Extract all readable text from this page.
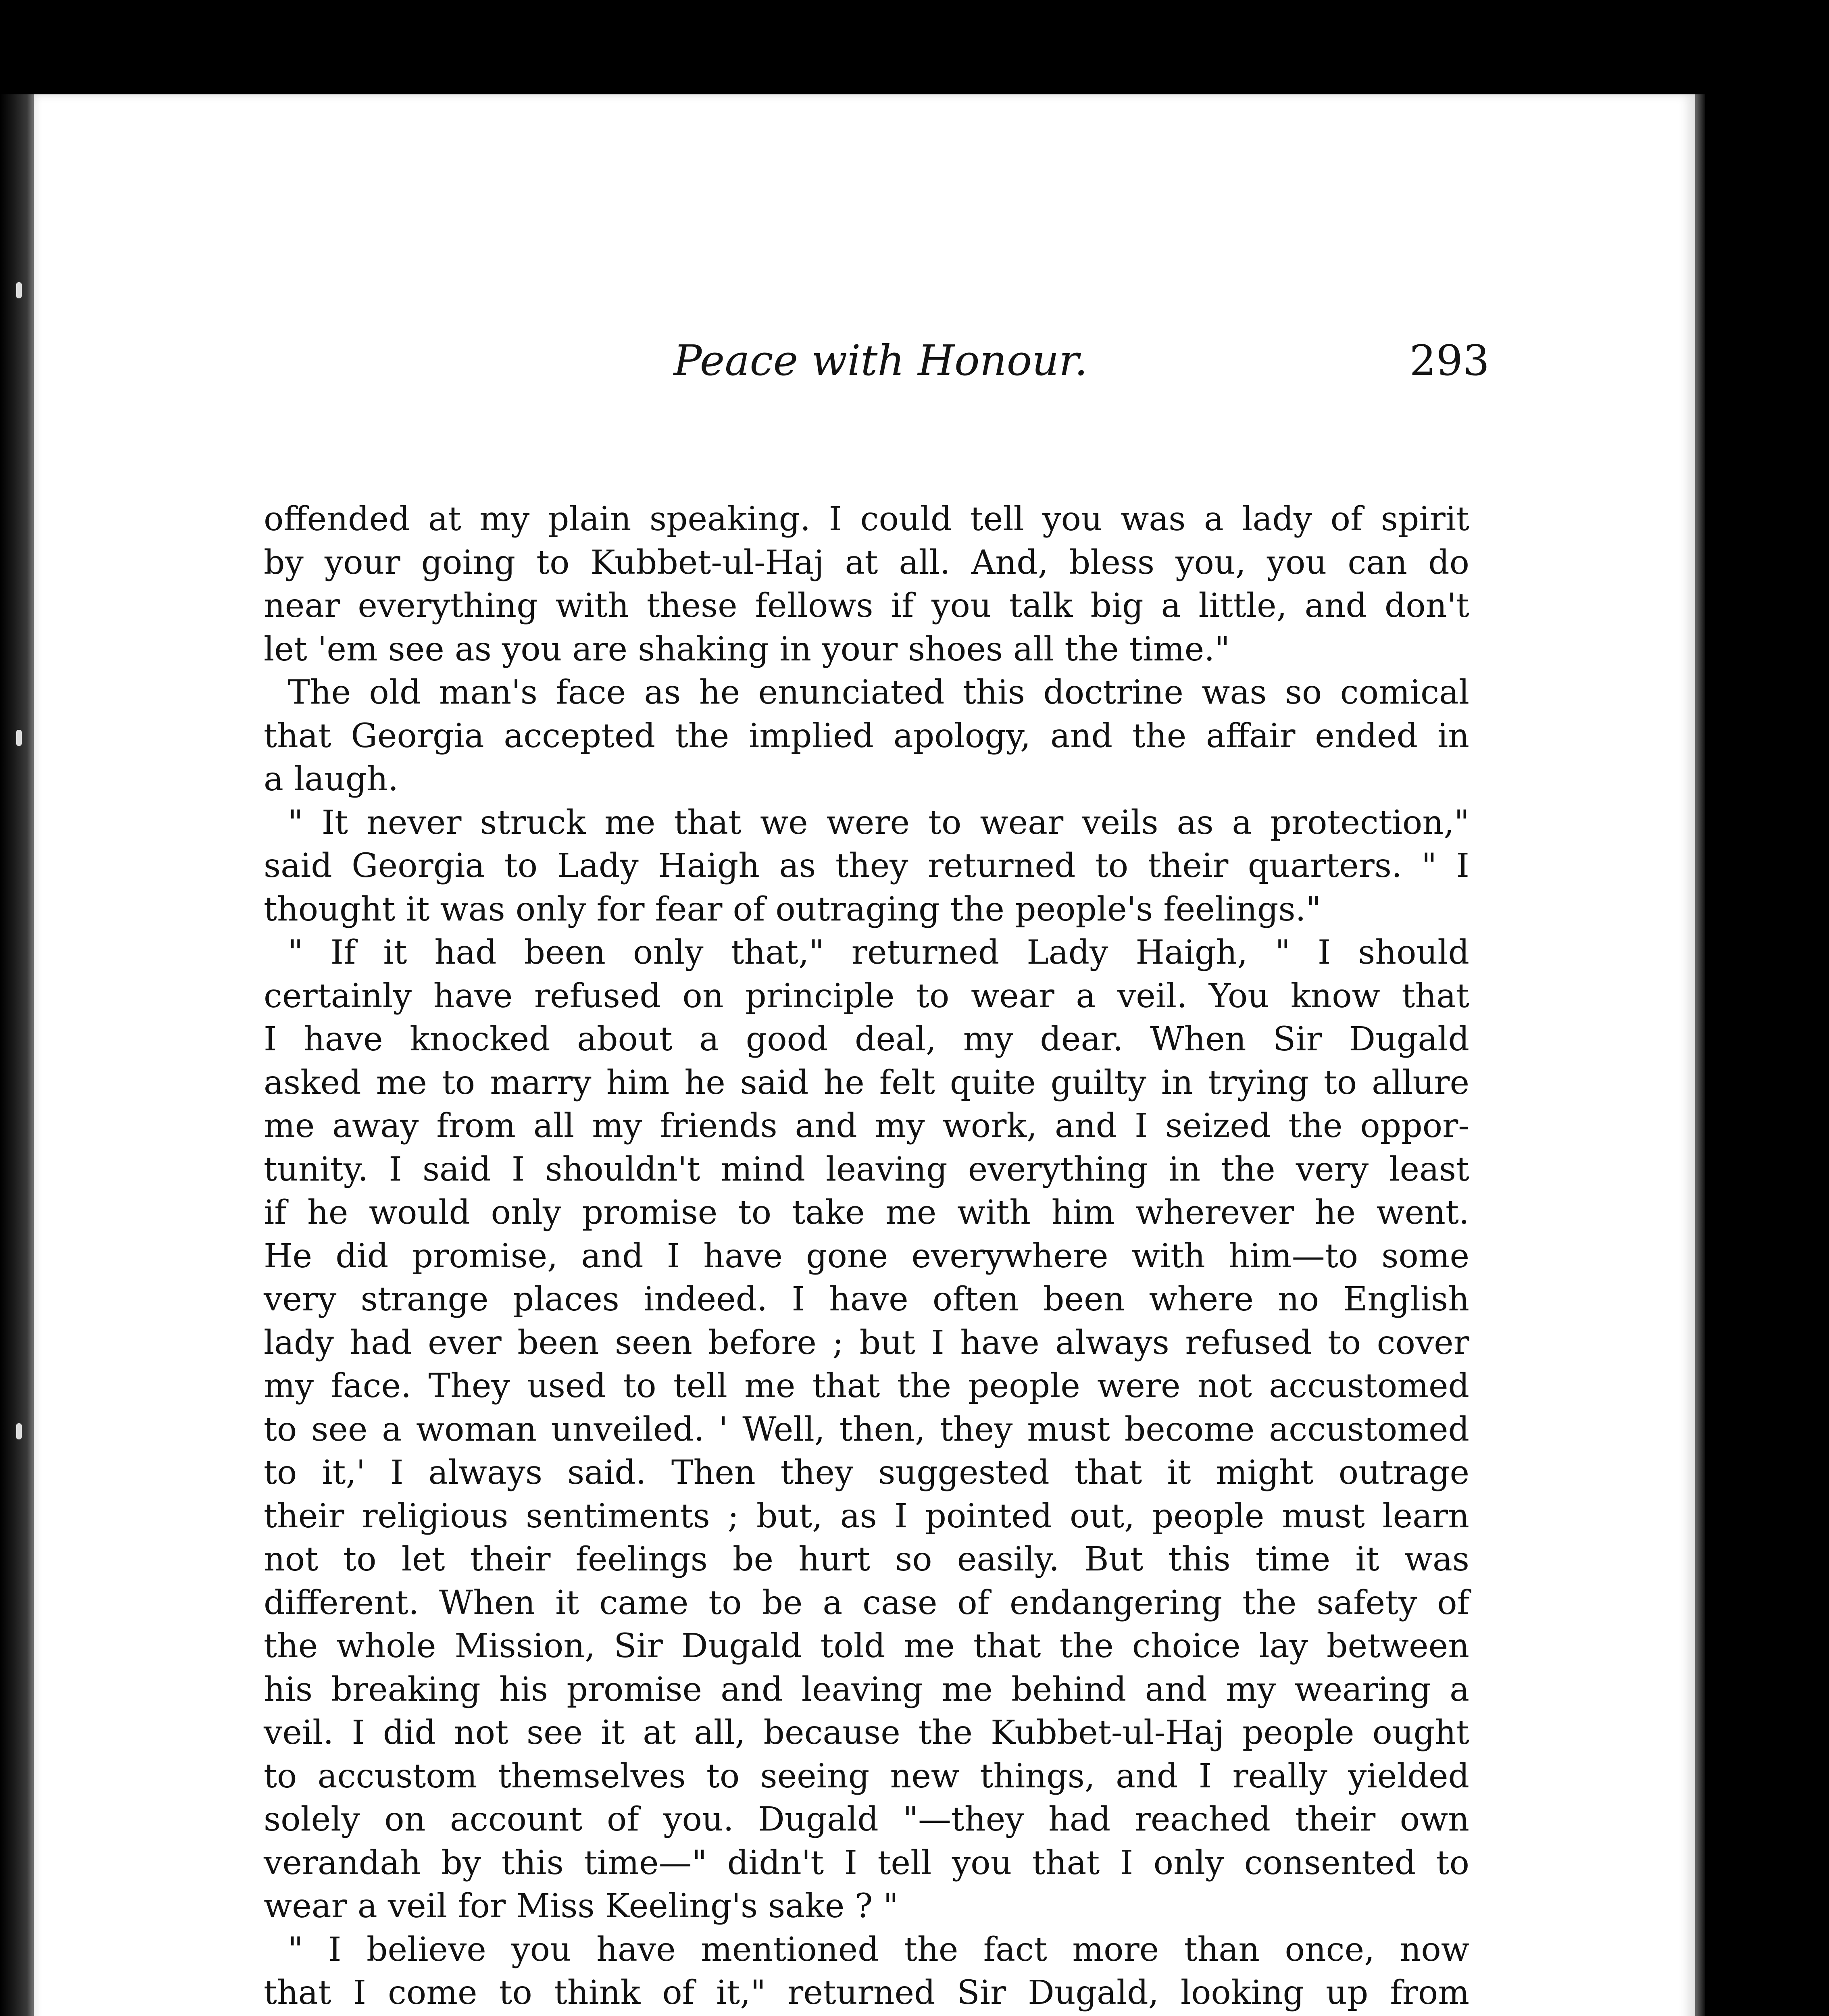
Peace with Honour.	293
offended at my plain speaking. I could tell you was a lady of spirit
by your going to Kubbet-ul-Haj at all. And, bless you, you can do
near everything with these fellows if you talk big a little, and don't
let 'em see as you are shaking in your shoes all the time."
The old man's face as he enunciated this doctrine was so comical
that Georgia accepted the implied apology, and the affair ended in
a laugh.
" It never struck me that we were to wear veils as a protection,"
said Georgia to Lady Haigh as they returned to their quarters. " I
thought it was only for fear of outraging the people's feelings."
" If it had been only that," returned Lady Haigh, " I should
certainly have refused on principle to wear a veil. You know that
I have knocked about a good deal, my dear. When Sir Dugald
asked me to marry him he said he felt quite guilty in trying to allure
me away from all my friends and my work, and I seized the oppor-
tunity. I said I shouldn't mind leaving everything in the very least
if he would only promise to take me with him wherever he went.
He did promise, and I have gone everywhere with him—to some
very strange places indeed. I have often been where no English
lady had ever been seen before ; but I have always refused to cover
my face. They used to tell me that the people were not accustomed
to see a woman unveiled. ' Well, then, they must become accustomed
to it,' I always said. Then they suggested that it might outrage
their religious sentiments ; but, as I pointed out, people must learn
not to let their feelings be hurt so easily. But this time it was
different. When it came to be a case of endangering the safety of
the whole Mission, Sir Dugald told me that the choice lay between
his breaking his promise and leaving me behind and my wearing a
veil. I did not see it at all, because the Kubbet-ul-Haj people ought
to accustom themselves to seeing new things, and I really yielded
solely on account of you. Dugald "—they had reached their own
verandah by this time—" didn't I tell you that I only consented to
wear a veil for Miss Keeling's sake ? "
" I believe you have mentioned the fact more than once, now
that I come to think of it," returned Sir Dugald, looking up from
